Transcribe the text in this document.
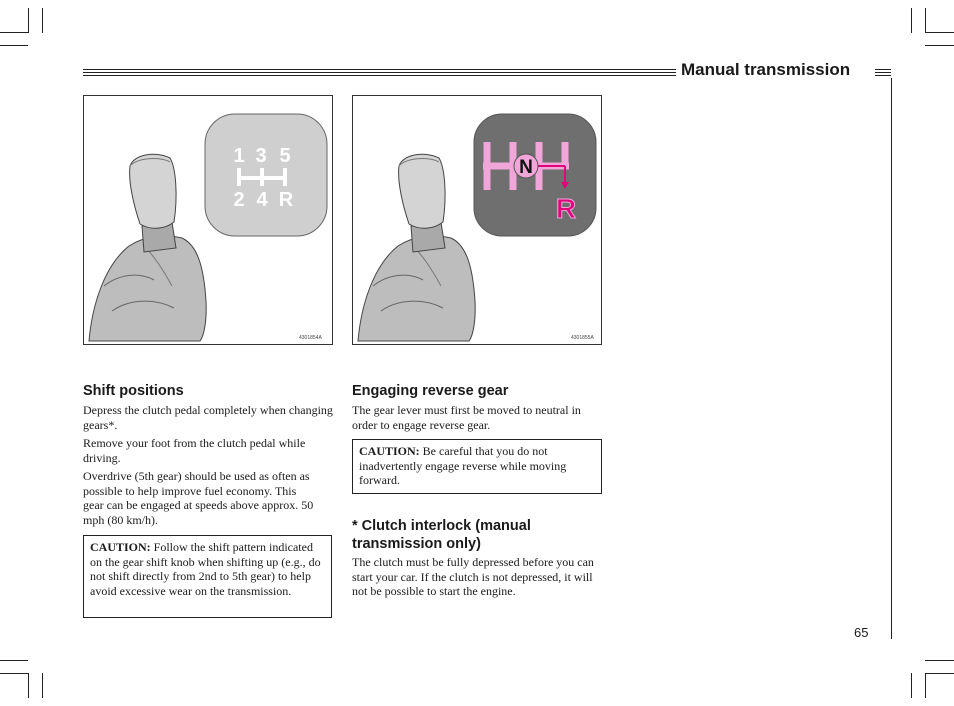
Manual transmission
1 3 5
2 4 R
4301854A
N
R
4301855A
Shift positions

Depress the clutch pedal completely when changing gears*.

Remove your foot from the clutch pedal while driving.

Overdrive (5th gear) should be used as often as possible to help improve fuel economy. This gear can be engaged at speeds above approx. 50 mph (80 km/h).

CAUTION: Follow the shift pattern indicated on the gear shift knob when shifting up (e.g., do not shift directly from 2nd to 5th gear) to help avoid excessive wear on the transmission.
Engaging reverse gear

The gear lever must first be moved to neutral in order to engage reverse gear.

CAUTION: Be careful that you do not inadvertently engage reverse while moving forward.
* Clutch interlock (manual
transmission only)

The clutch must be fully depressed before you can start your car. If the clutch is not depressed, it will not be possible to start the engine.

65
